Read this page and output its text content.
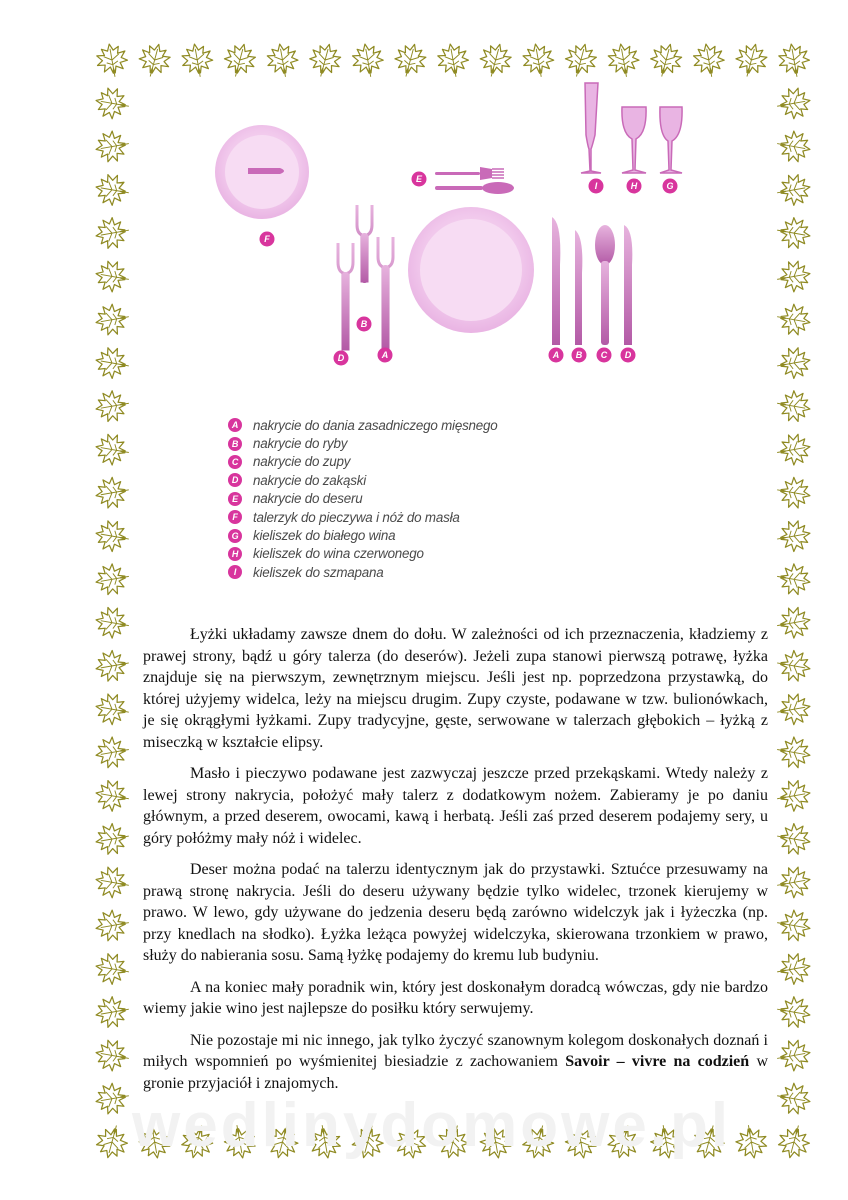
F
E
I	H	G
B
D	A	A B C D
A nakrycie do dania zasadniczego mięsnego
B nakrycie do ryby
C nakrycie do zupy
D nakrycie do zakąski
E	nakrycie do deseru
F	talerzyk do pieczywa i nóż do masła
G kieliszek do białego wina
H kieliszek do wina czerwonego
I	kieliszek do szmapana

Łyżki układamy zawsze dnem do dołu. W zależności od ich przeznaczenia, kładziemy z prawej strony, bądź u góry talerza (do deserów). Jeżeli zupa stanowi pierwszą potrawę, łyżka znajduje się na pierwszym, zewnętrznym miejscu. Jeśli jest np. poprzedzona przystawką, do której użyjemy widelca, leży na miejscu drugim. Zupy czyste, podawane w tzw. bulionówkach, je się okrągłymi łyżkami. Zupy tradycyjne, gęste, serwowane w talerzach głębokich – łyżką z miseczką w kształcie elipsy.

Masło i pieczywo podawane jest zazwyczaj jeszcze przed przekąskami. Wtedy należy z lewej strony nakrycia, położyć mały talerz z dodatkowym nożem. Zabieramy je po daniu głównym, a przed deserem, owocami, kawą i herbatą. Jeśli zaś przed deserem podajemy sery, u góry połóżmy mały nóż i widelec.

Deser można podać na talerzu identycznym jak do przystawki. Sztućce przesuwamy na prawą stronę nakrycia. Jeśli do deseru używany będzie tylko widelec, trzonek kierujemy w prawo. W lewo, gdy używane do jedzenia deseru będą zarówno widelczyk jak i łyżeczka (np. przy knedlach na słodko). Łyżka leżąca powyżej widelczyka, skierowana trzonkiem w prawo, służy do nabierania sosu. Samą łyżkę podajemy do kremu lub budyniu.

A na koniec mały poradnik win, który jest doskonałym doradcą wówczas, gdy nie bardzo wiemy jakie wino jest najlepsze do posiłku który serwujemy.

Nie pozostaje mi nic innego, jak tylko życzyć szanownym kolegom doskonałych doznań i miłych wspomnień po wyśmienitej biesiadzie z zachowaniem Savoir – vivre na codzień w gronie przyjaciół i znajomych.

wedlinydomowe.pl
